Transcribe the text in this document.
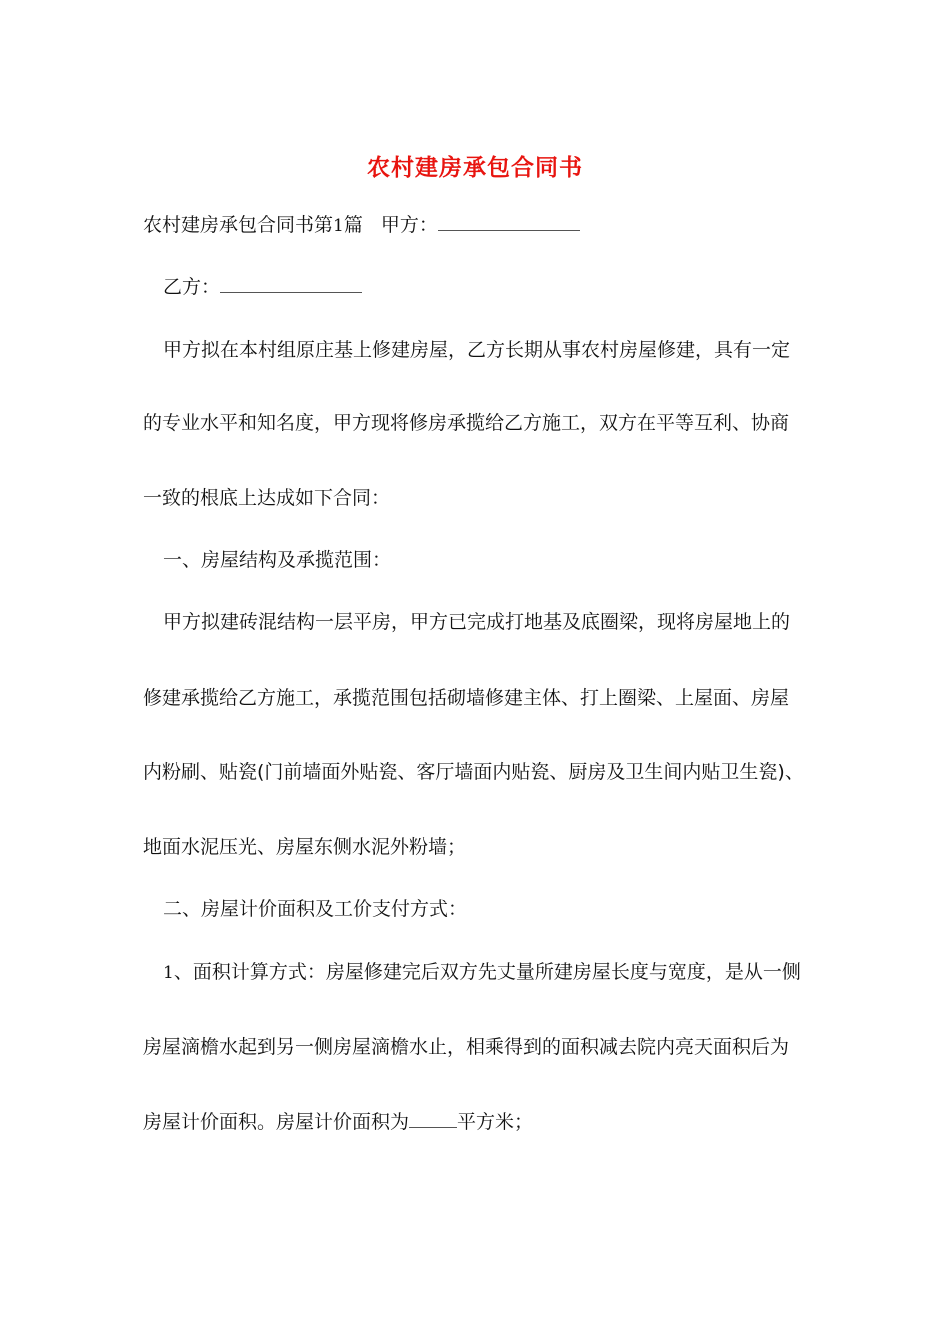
农村建房承包合同书
农村建房承包合同书第1篇 甲方：
乙方：
甲方拟在本村组原庄基上修建房屋，乙方长期从事农村房屋修建，具有一定
的专业水平和知名度，甲方现将修房承揽给乙方施工，双方在平等互利、协商
一致的根底上达成如下合同：
一、房屋结构及承揽范围：
甲方拟建砖混结构一层平房，甲方已完成打地基及底圈梁，现将房屋地上的
修建承揽给乙方施工，承揽范围包括砌墙修建主体、打上圈梁、上屋面、房屋
内粉刷、贴瓷(门前墙面外贴瓷、客厅墙面内贴瓷、厨房及卫生间内贴卫生瓷)、
地面水泥压光、房屋东侧水泥外粉墙；
二、房屋计价面积及工价支付方式：
1、面积计算方式：房屋修建完后双方先丈量所建房屋长度与宽度，是从一侧
房屋滴檐水起到另一侧房屋滴檐水止，相乘得到的面积减去院内亮天面积后为
房屋计价面积。房屋计价面积为	平方米；
